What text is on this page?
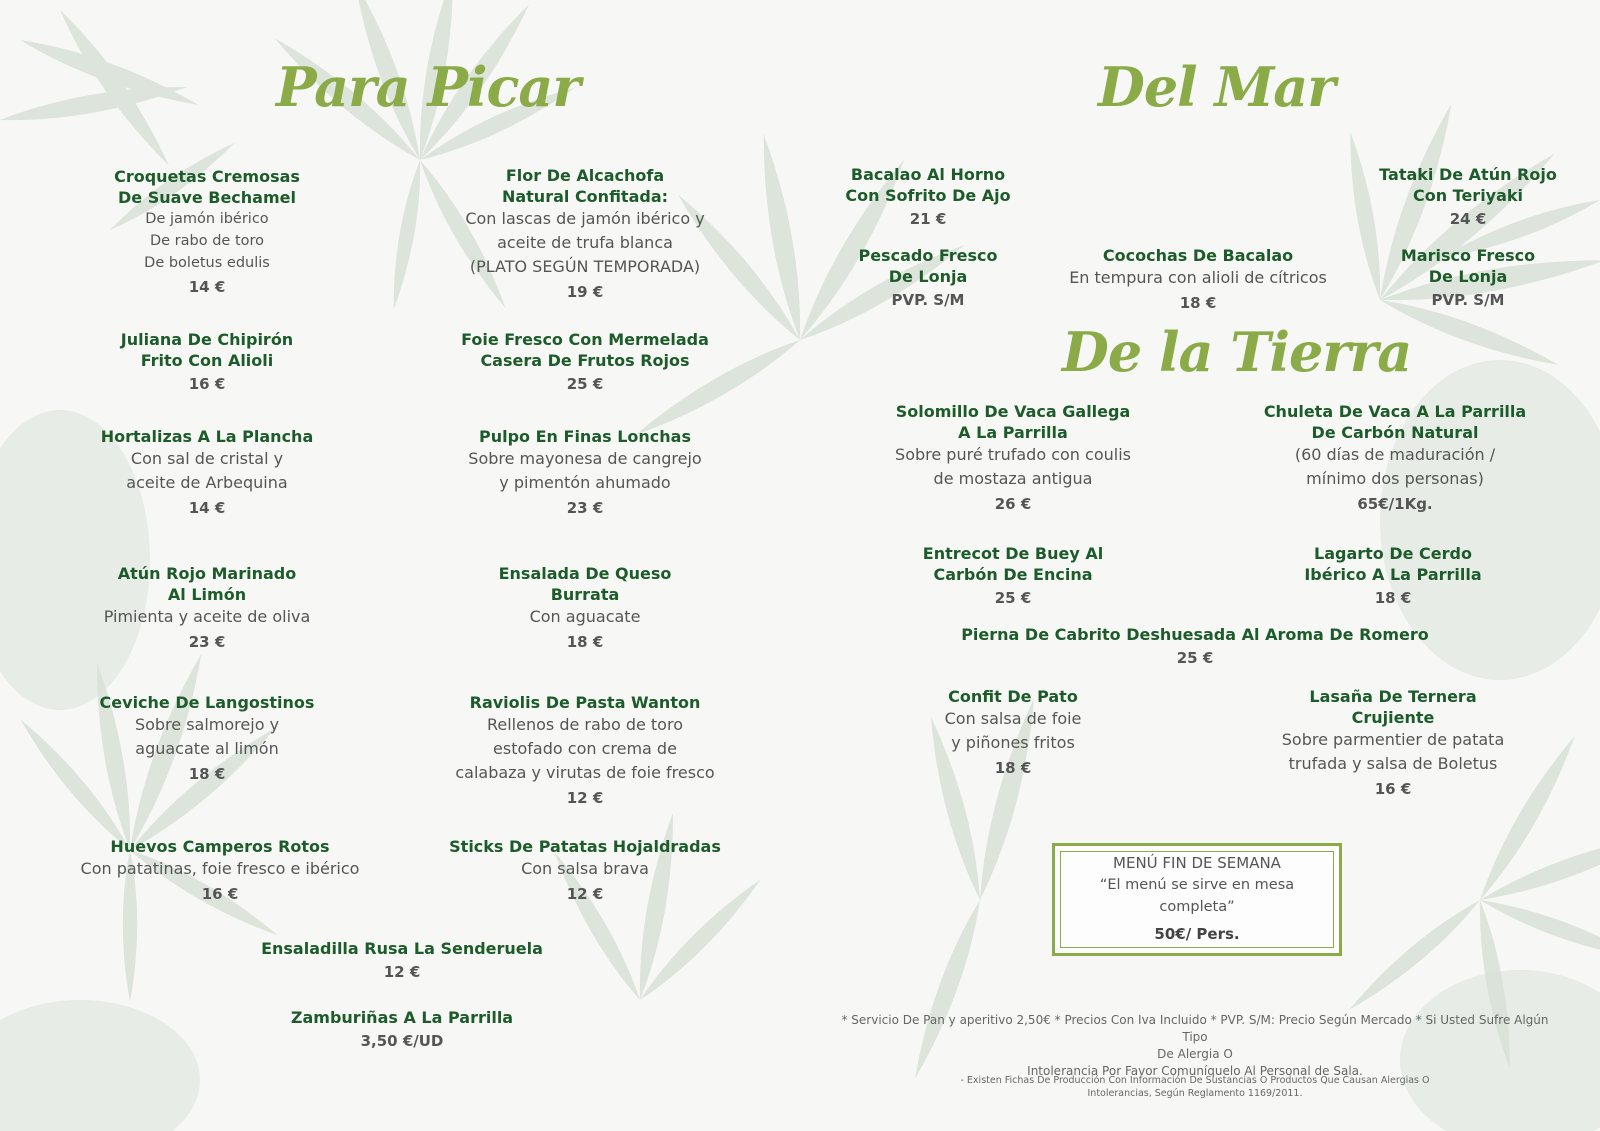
Para Picar	Del Mar
De la Tierra
Croquetas Cremosas
De Suave Bechamel
De jamón ibérico
De rabo de toro
De boletus edulis
14 €
Flor De Alcachofa
Natural Confitada:
Con lascas de jamón ibérico y
aceite de trufa blanca
(PLATO SEGÚN TEMPORADA)
19 €
Juliana De Chipirón
Frito Con Alioli
16 €
Foie Fresco Con Mermelada
Casera De Frutos Rojos
25 €
Hortalizas A La Plancha
Con sal de cristal y
aceite de Arbequina
14 €
Pulpo En Finas Lonchas
Sobre mayonesa de cangrejo
y pimentón ahumado
23 €
Atún Rojo Marinado
Al Limón
Pimienta y aceite de oliva
23 €
Ensalada De Queso
Burrata
Con aguacate
18 €
Ceviche De Langostinos
Sobre salmorejo y
aguacate al limón
18 €
Raviolis De Pasta Wanton
Rellenos de rabo de toro
estofado con crema de
calabaza y virutas de foie fresco
12 €
Huevos Camperos Rotos
Con patatinas, foie fresco e ibérico
16 €
Sticks De Patatas Hojaldradas
Con salsa brava
12 €
Ensaladilla Rusa La Senderuela
12 €
Zamburiñas A La Parrilla
3,50 €/UD
Bacalao Al Horno
Con Sofrito De Ajo
21 €
Tataki De Atún Rojo
Con Teriyaki
24 €
Pescado Fresco
De Lonja
PVP. S/M
Cocochas De Bacalao
En tempura con alioli de cítricos
18 €
Marisco Fresco
De Lonja
PVP. S/M
Solomillo De Vaca Gallega
A La Parrilla
Sobre puré trufado con coulis
de mostaza antigua
26 €
Chuleta De Vaca A La Parrilla
De Carbón Natural
(60 días de maduración /
mínimo dos personas)
65€/1Kg.
Entrecot De Buey Al
Carbón De Encina
25 €
Lagarto De Cerdo
Ibérico A La Parrilla
18 €
Pierna De Cabrito Deshuesada Al Aroma De Romero
25 €
Confit De Pato
Con salsa de foie
y piñones fritos
18 €
Lasaña De Ternera
Crujiente
Sobre parmentier de patata
trufada y salsa de Boletus
16 €
MENÚ FIN DE SEMANA
“El menú se sirve en mesa completa”
50€/ Pers.
* Servicio De Pan y aperitivo 2,50€ * Precios Con Iva Incluido * PVP. S/M: Precio Según Mercado * Si Usted Sufre Algún Tipo
De Alergia O
Intolerancia Por Favor Comuníquelo Al Personal de Sala.
- Existen Fichas De Producción Con Información De Sustancias O Productos Que Causan Alergias O
Intolerancias, Según Reglamento 1169/2011.
